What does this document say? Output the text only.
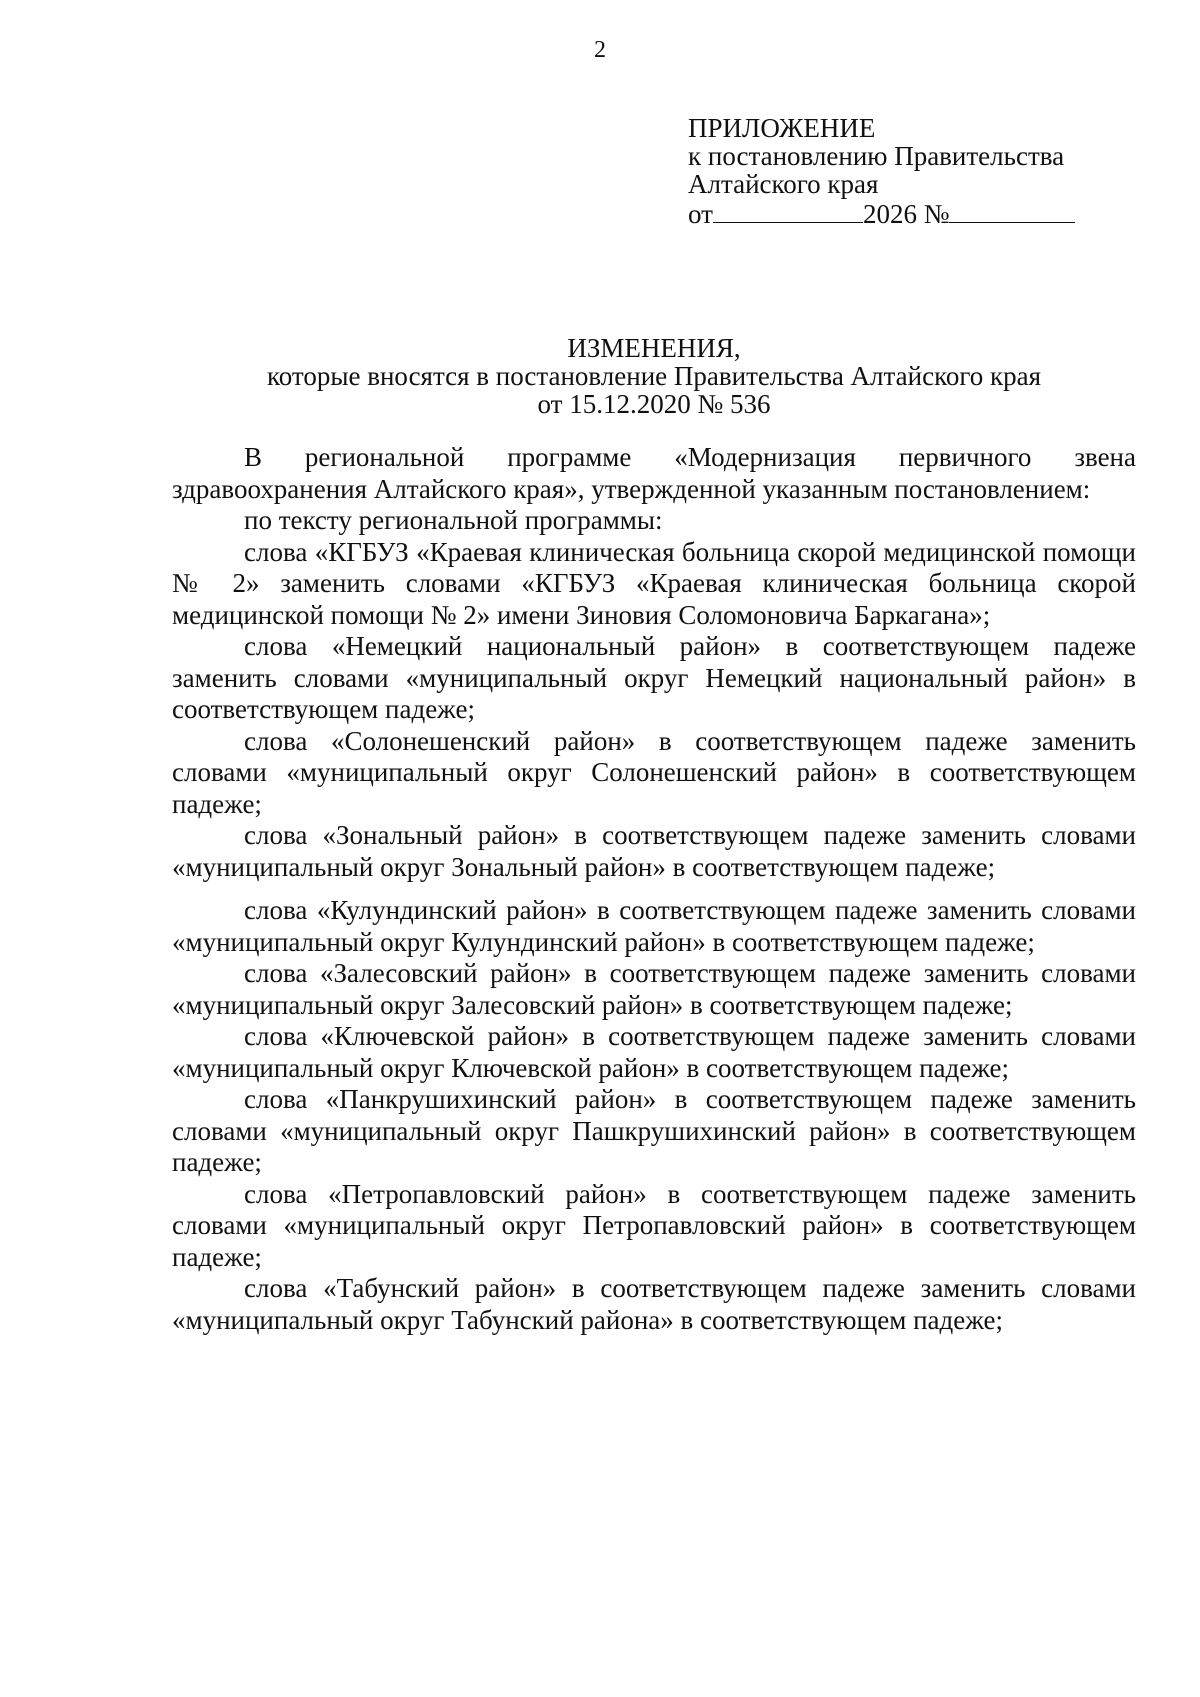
2
ПРИЛОЖЕНИЕ
к постановлению Правительства
Алтайского края
от	2026 №
ИЗМЕНЕНИЯ,
которые вносятся в постановление Правительства Алтайского края
от 15.12.2020 № 536

В региональной программе «Модернизация первичного звена здравоохранения Алтайского края», утвержденной указанным постановлением:

по тексту региональной программы:

слова «КГБУЗ «Краевая клиническая больница скорой медицинской помощи № 2» заменить словами «КГБУЗ «Краевая клиническая больница скорой медицинской помощи № 2» имени Зиновия Соломоновича Баркагана»;

слова «Немецкий национальный район» в соответствующем падеже заменить словами «муниципальный округ Немецкий национальный район» в соответствующем падеже;

слова «Солонешенский район» в соответствующем падеже заменить словами «муниципальный округ Солонешенский район» в соответствующем падеже;

слова «Зональный район» в соответствующем падеже заменить словами «муниципальный округ Зональный район» в соответствующем падеже;

слова «Кулундинский район» в соответствующем падеже заменить словами «муниципальный округ Кулундинский район» в соответствующем падеже;

слова «Залесовский район» в соответствующем падеже заменить словами «муниципальный округ Залесовский район» в соответствующем падеже;

слова «Ключевской район» в соответствующем падеже заменить словами «муниципальный округ Ключевской район» в соответствующем падеже;

слова «Панкрушихинский район» в соответствующем падеже заменить словами «муниципальный округ Пашкрушихинский район» в соответствующем падеже;

слова «Петропавловский район» в соответствующем падеже заменить словами «муниципальный округ Петропавловский район» в соответствующем падеже;

слова «Табунский район» в соответствующем падеже заменить словами «муниципальный округ Табунский района» в соответствующем падеже;
